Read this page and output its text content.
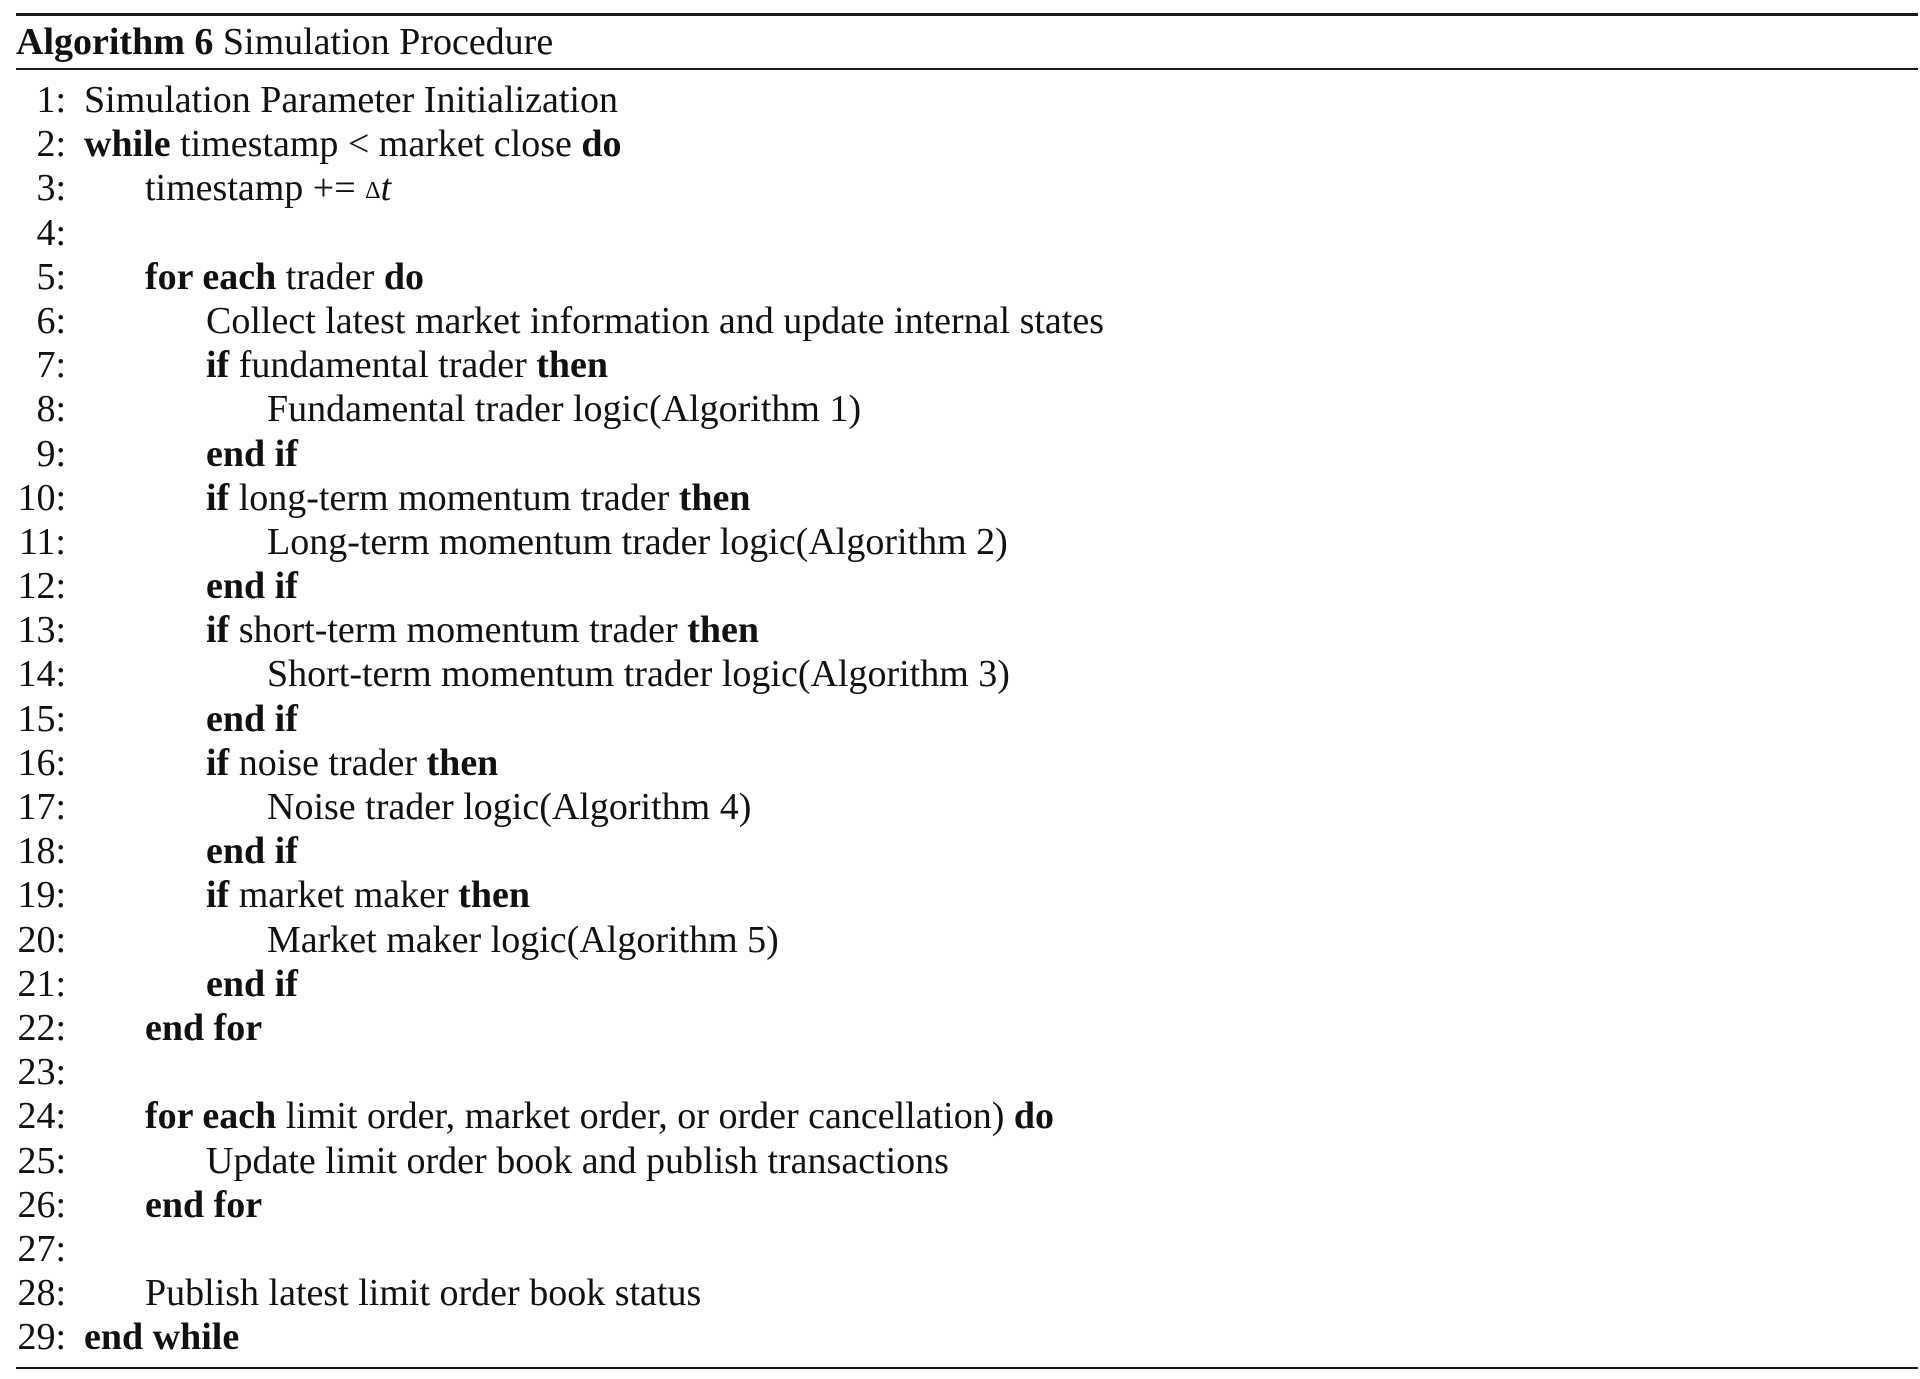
Algorithm 6 Simulation Procedure
1: Simulation Parameter Initialization
2: while timestamp < market close do
3: timestamp += Δt
4:
5: for each trader do
6:	Collect latest market information and update internal states
7:	if fundamental trader then
8:	Fundamental trader logic(Algorithm 1)
9:	end if
10:	if long-term momentum trader then
11:	Long-term momentum trader logic(Algorithm 2)
12:	end if
13:	if short-term momentum trader then
14:	Short-term momentum trader logic(Algorithm 3)
15:	end if
16:	if noise trader then
17:	Noise trader logic(Algorithm 4)
18:	end if
19:	if market maker then
20:	Market maker logic(Algorithm 5)
21:	end if
22: end for
23:
24: for each limit order, market order, or order cancellation) do
25:	Update limit order book and publish transactions
26: end for
27:
28: Publish latest limit order book status
29: end while
